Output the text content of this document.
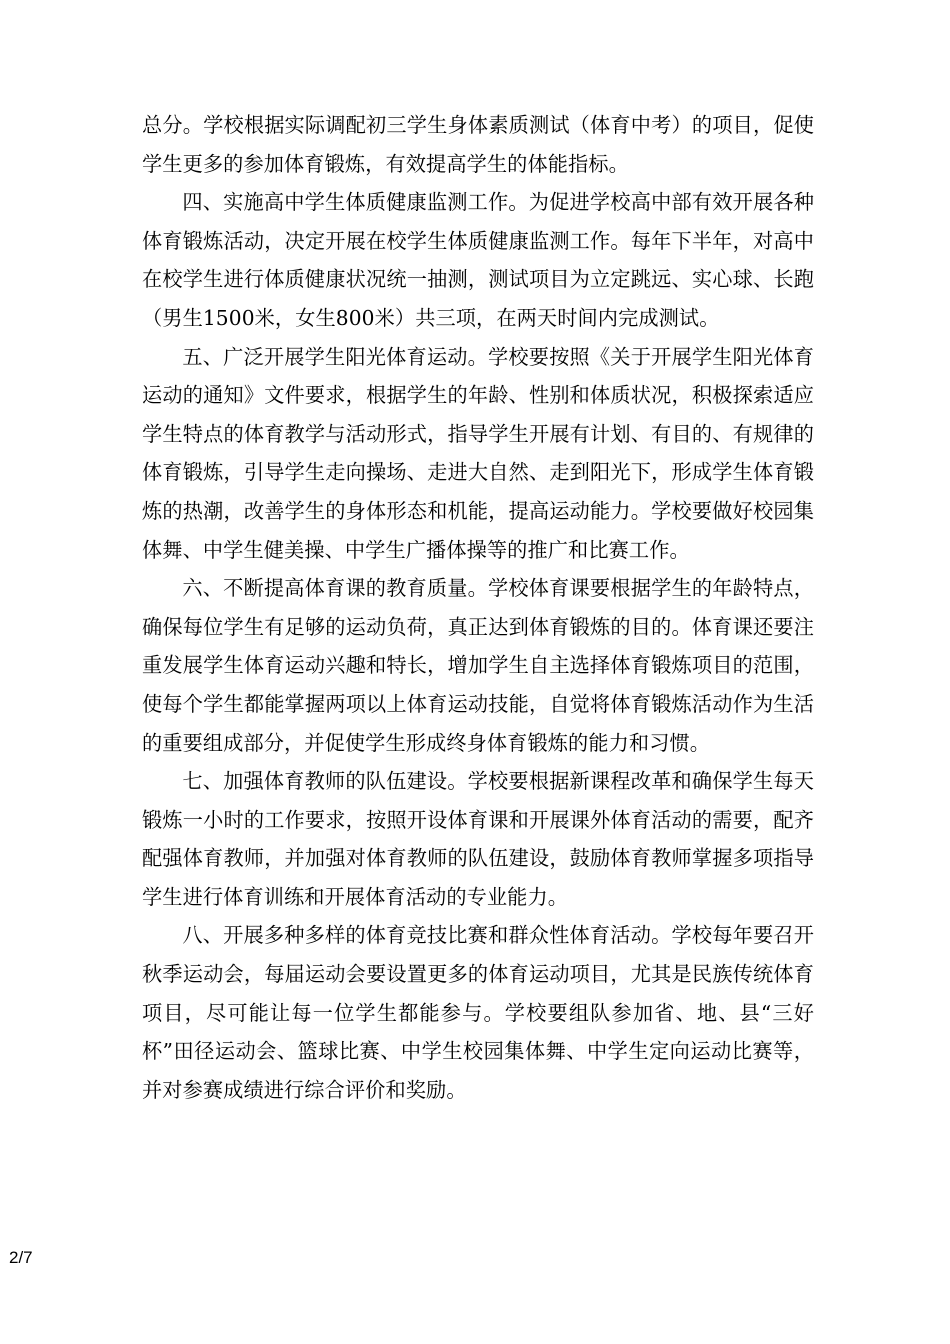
总分。学校根据实际调配初三学生身体素质测试（体育中考）的项目，促使学生更多的参加体育锻炼，有效提高学生的体能指标。

四、实施高中学生体质健康监测工作。为促进学校高中部有效开展各种体育锻炼活动，决定开展在校学生体质健康监测工作。每年下半年，对高中在校学生进行体质健康状况统一抽测，测试项目为立定跳远、实心球、长跑（男生1500米，女生800米）共三项，在两天时间内完成测试。

五、广泛开展学生阳光体育运动。学校要按照《关于开展学生阳光体育运动的通知》文件要求，根据学生的年龄、性别和体质状况，积极探索适应学生特点的体育教学与活动形式，指导学生开展有计划、有目的、有规律的体育锻炼，引导学生走向操场、走进大自然、走到阳光下，形成学生体育锻炼的热潮，改善学生的身体形态和机能，提高运动能力。学校要做好校园集体舞、中学生健美操、中学生广播体操等的推广和比赛工作。

六、不断提高体育课的教育质量。学校体育课要根据学生的年龄特点，确保每位学生有足够的运动负荷，真正达到体育锻炼的目的。体育课还要注重发展学生体育运动兴趣和特长，增加学生自主选择体育锻炼项目的范围，使每个学生都能掌握两项以上体育运动技能，自觉将体育锻炼活动作为生活的重要组成部分，并促使学生形成终身体育锻炼的能力和习惯。

七、加强体育教师的队伍建设。学校要根据新课程改革和确保学生每天锻炼一小时的工作要求，按照开设体育课和开展课外体育活动的需要，配齐配强体育教师，并加强对体育教师的队伍建设，鼓励体育教师掌握多项指导学生进行体育训练和开展体育活动的专业能力。

八、开展多种多样的体育竞技比赛和群众性体育活动。学校每年要召开秋季运动会，每届运动会要设置更多的体育运动项目，尤其是民族传统体育项目，尽可能让每一位学生都能参与。学校要组队参加省、地、县“三好杯”田径运动会、篮球比赛、中学生校园集体舞、中学生定向运动比赛等，并对参赛成绩进行综合评价和奖励。

2/7
